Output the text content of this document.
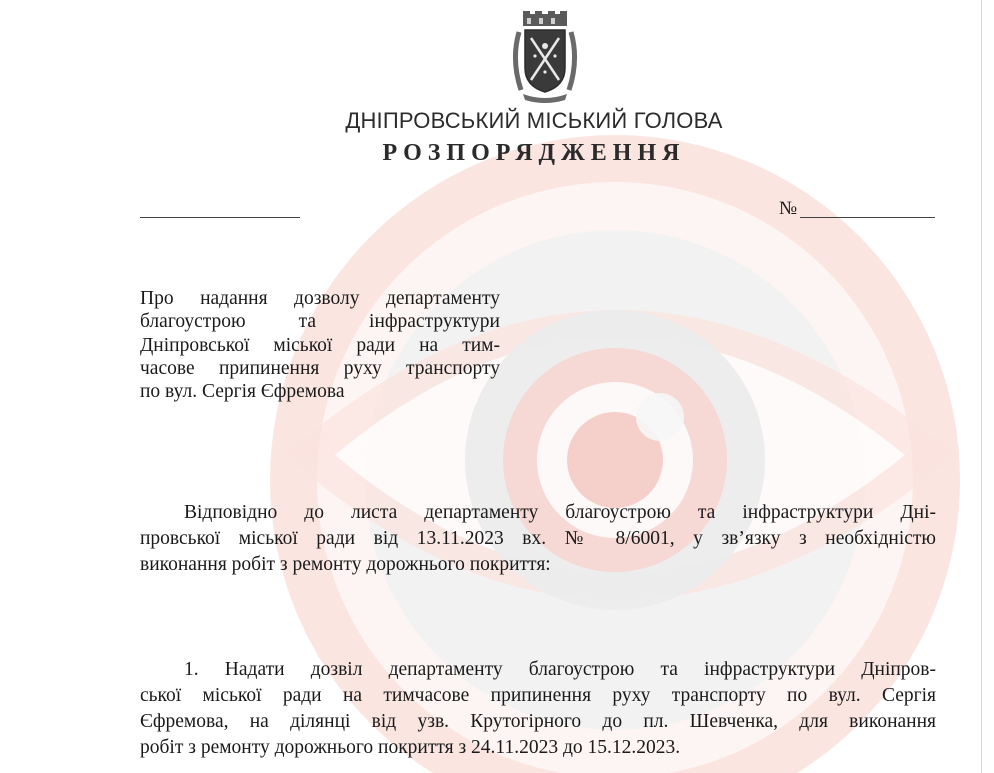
ДНІПРОВСЬКИЙ МІСЬКИЙ ГОЛОВА
РОЗПОРЯДЖЕННЯ
№
Про надання дозволу департаменту
благоустрою та інфраструктури
Дніпровської міської ради на тим-
часове припинення руху транспорту
по вул. Сергія Єфремова
Відповідно до листа департаменту благоустрою та інфраструктури Дні-
провської міської ради від 13.11.2023 вх. № 8/6001, у зв’язку з необхідністю
виконання робіт з ремонту дорожнього покриття:
1. Надати дозвіл департаменту благоустрою та інфраструктури Дніпров-
ської міської ради на тимчасове припинення руху транспорту по вул. Сергія
Єфремова, на ділянці від узв. Крутогірного до пл. Шевченка, для виконання
робіт з ремонту дорожнього покриття з 24.11.2023 до 15.12.2023.
